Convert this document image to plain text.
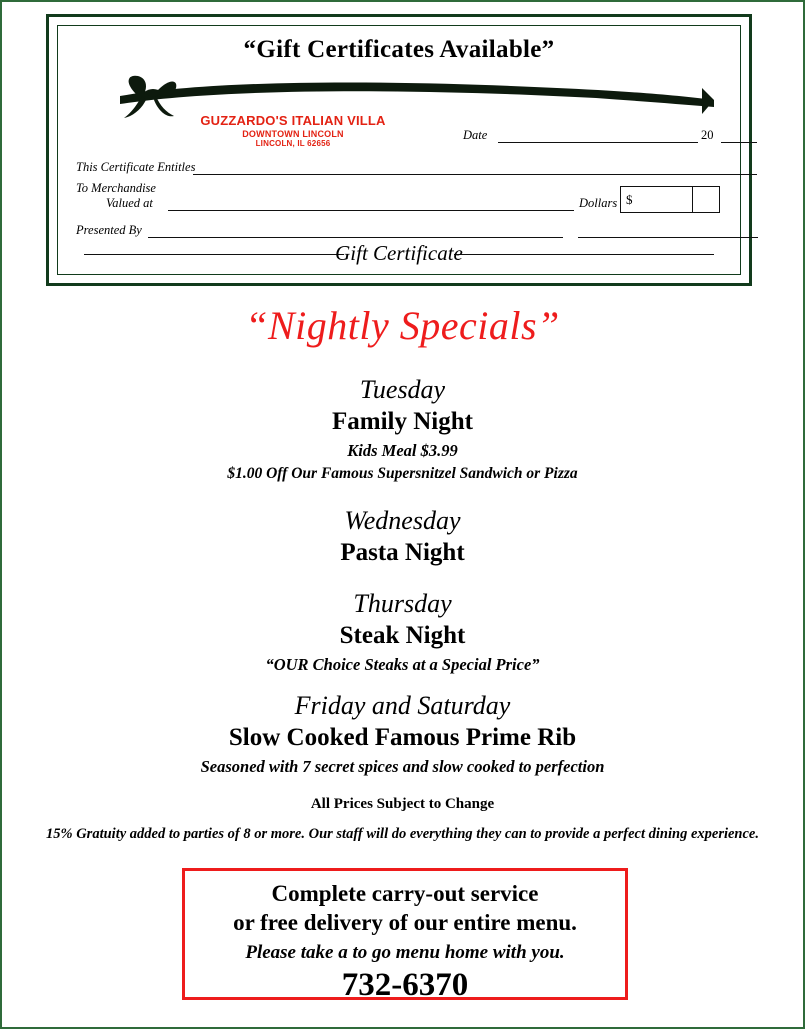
“Gift Certificates Available”
GUZZARDO'S ITALIAN VILLA
DOWNTOWN LINCOLN
LINCOLN, IL 62656
Date	20
This Certificate Entitles
To Merchandise
Valued at	Dollars $
Presented By
Gift Certificate
“Nightly Specials”
Tuesday
Family Night
Kids Meal $3.99
$1.00 Off Our Famous Supersnitzel Sandwich or Pizza
Wednesday
Pasta Night
Thursday
Steak Night
“OUR Choice Steaks at a Special Price”
Friday and Saturday
Slow Cooked Famous Prime Rib
Seasoned with 7 secret spices and slow cooked to perfection
All Prices Subject to Change
15% Gratuity added to parties of 8 or more. Our staff will do everything they can to provide a perfect dining experience.
Complete carry-out service
or free delivery of our entire menu.
Please take a to go menu home with you.
732-6370
